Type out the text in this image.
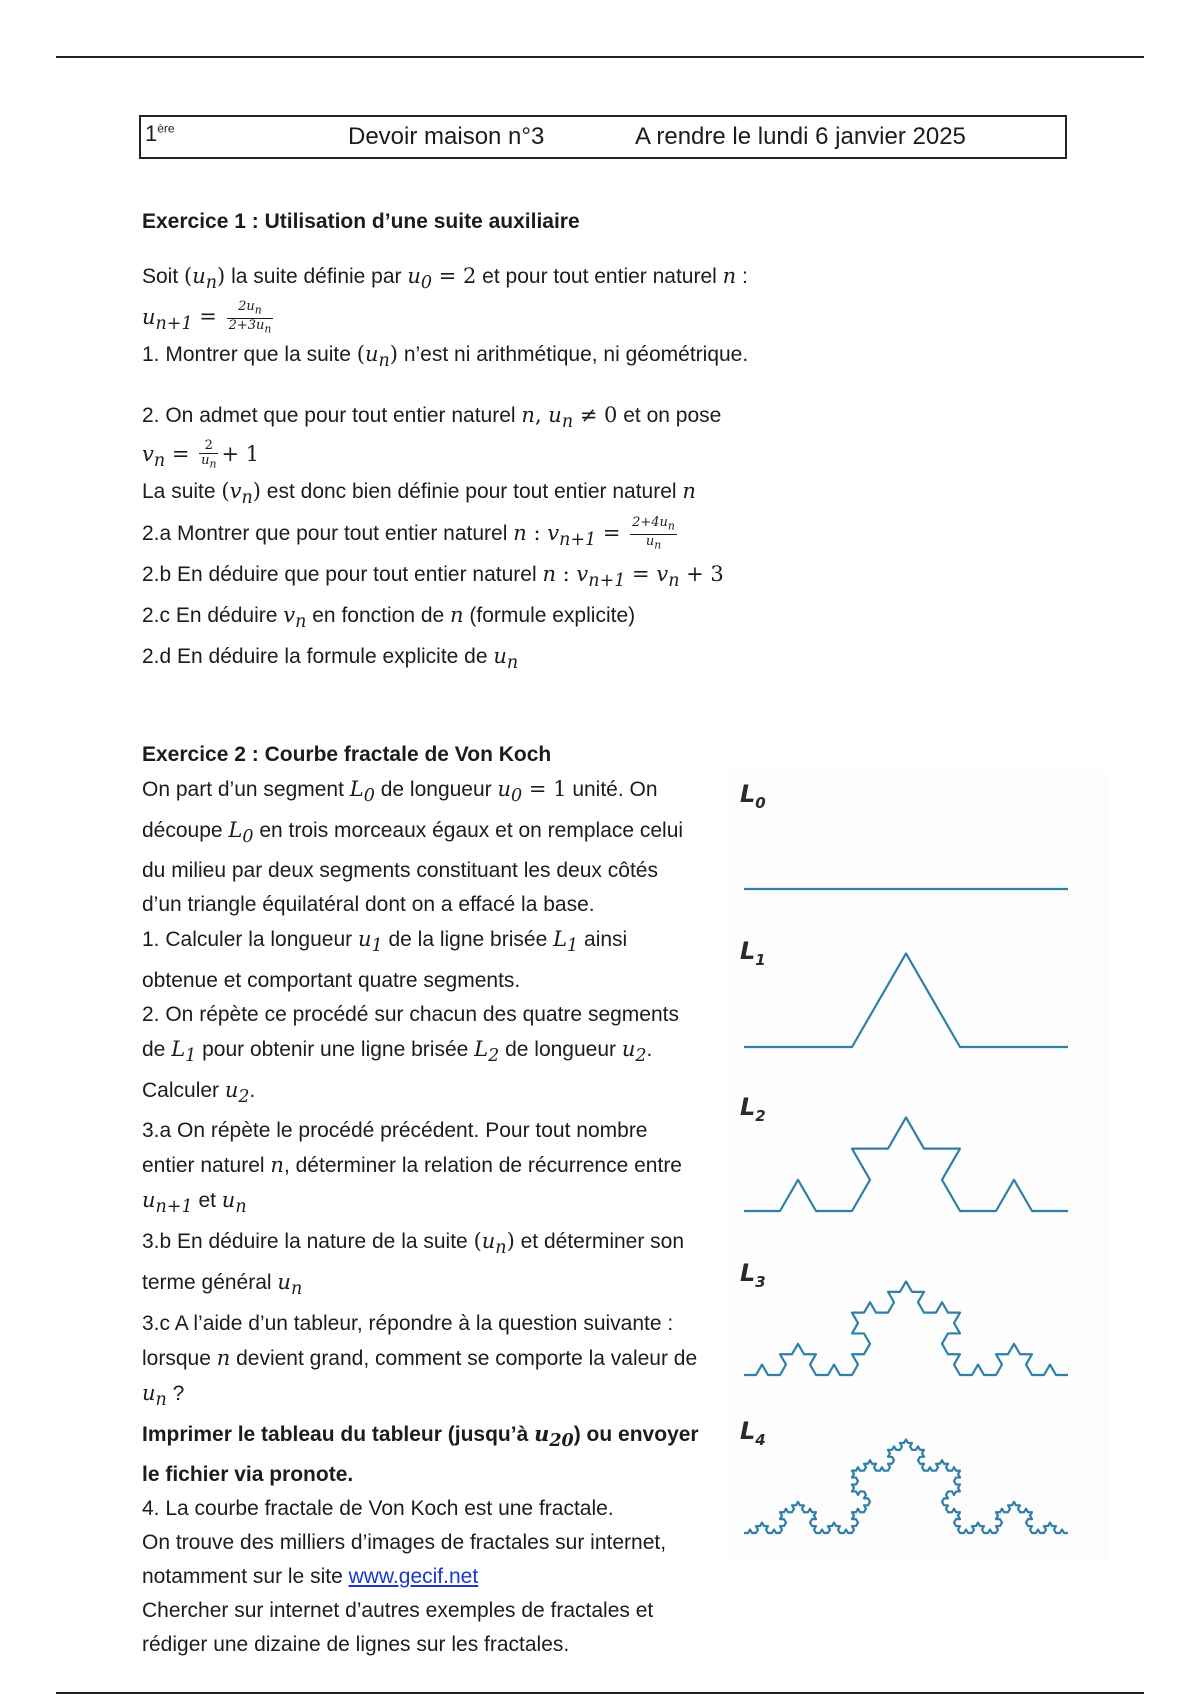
1ère	Devoir maison n°3	A rendre le lundi 6 janvier 2025
Exercice 1 : Utilisation d’une suite auxiliaire
Soit $(u_n)$ la suite définie par $u_0 = 2$ et pour tout entier naturel n :
$u_{n+1} = \frac{2u_n}{2+3u_n}$
1. Montrer que la suite $(u_n)$ n’est ni arithmétique, ni géométrique.
2. On admet que pour tout entier naturel n, $u_n \ne 0$ et on pose
$v_n = \frac{2}{u_n} + 1$
La suite $(v_n)$ est donc bien définie pour tout entier naturel n
2.a Montrer que pour tout entier naturel n : $v_{n+1} = \frac{2+4u_n}{u_n}$
2.b En déduire que pour tout entier naturel n : $v_{n+1} = v_n + 3$
2.c En déduire $v_n$ en fonction de n (formule explicite)
2.d En déduire la formule explicite de $u_n$
Exercice 2 : Courbe fractale de Von Koch
On part d’un segment $L_0$ de longueur $u_0 = 1$ unité. On découpe $L_0$ en trois morceaux égaux et on remplace celui du milieu par deux segments constituant les deux côtés d’un triangle équilatéral dont on a effacé la base.
1. Calculer la longueur $u_1$ de la ligne brisée $L_1$ ainsi obtenue et comportant quatre segments.
2. On répète ce procédé sur chacun des quatre segments de $L_1$ pour obtenir une ligne brisée $L_2$ de longueur $u_2$. Calculer $u_2$.
3.a On répète le procédé précédent. Pour tout nombre entier naturel n, déterminer la relation de récurrence entre $u_{n+1}$ et $u_n$
3.b En déduire la nature de la suite $(u_n)$ et déterminer son terme général $u_n$
3.c A l’aide d’un tableur, répondre à la question suivante : lorsque n devient grand, comment se comporte la valeur de $u_n$ ?
Imprimer le tableau du tableur (jusqu’à $u_{20}$) ou envoyer le fichier via pronote.
4. La courbe fractale de Von Koch est une fractale.
On trouve des milliers d’images de fractales sur internet, notamment sur le site www.gecif.net
Chercher sur internet d’autres exemples de fractales et rédiger une dizaine de lignes sur les fractales.
$L_0$
$L_1$
$L_2$
$L_3$
$L_4$
